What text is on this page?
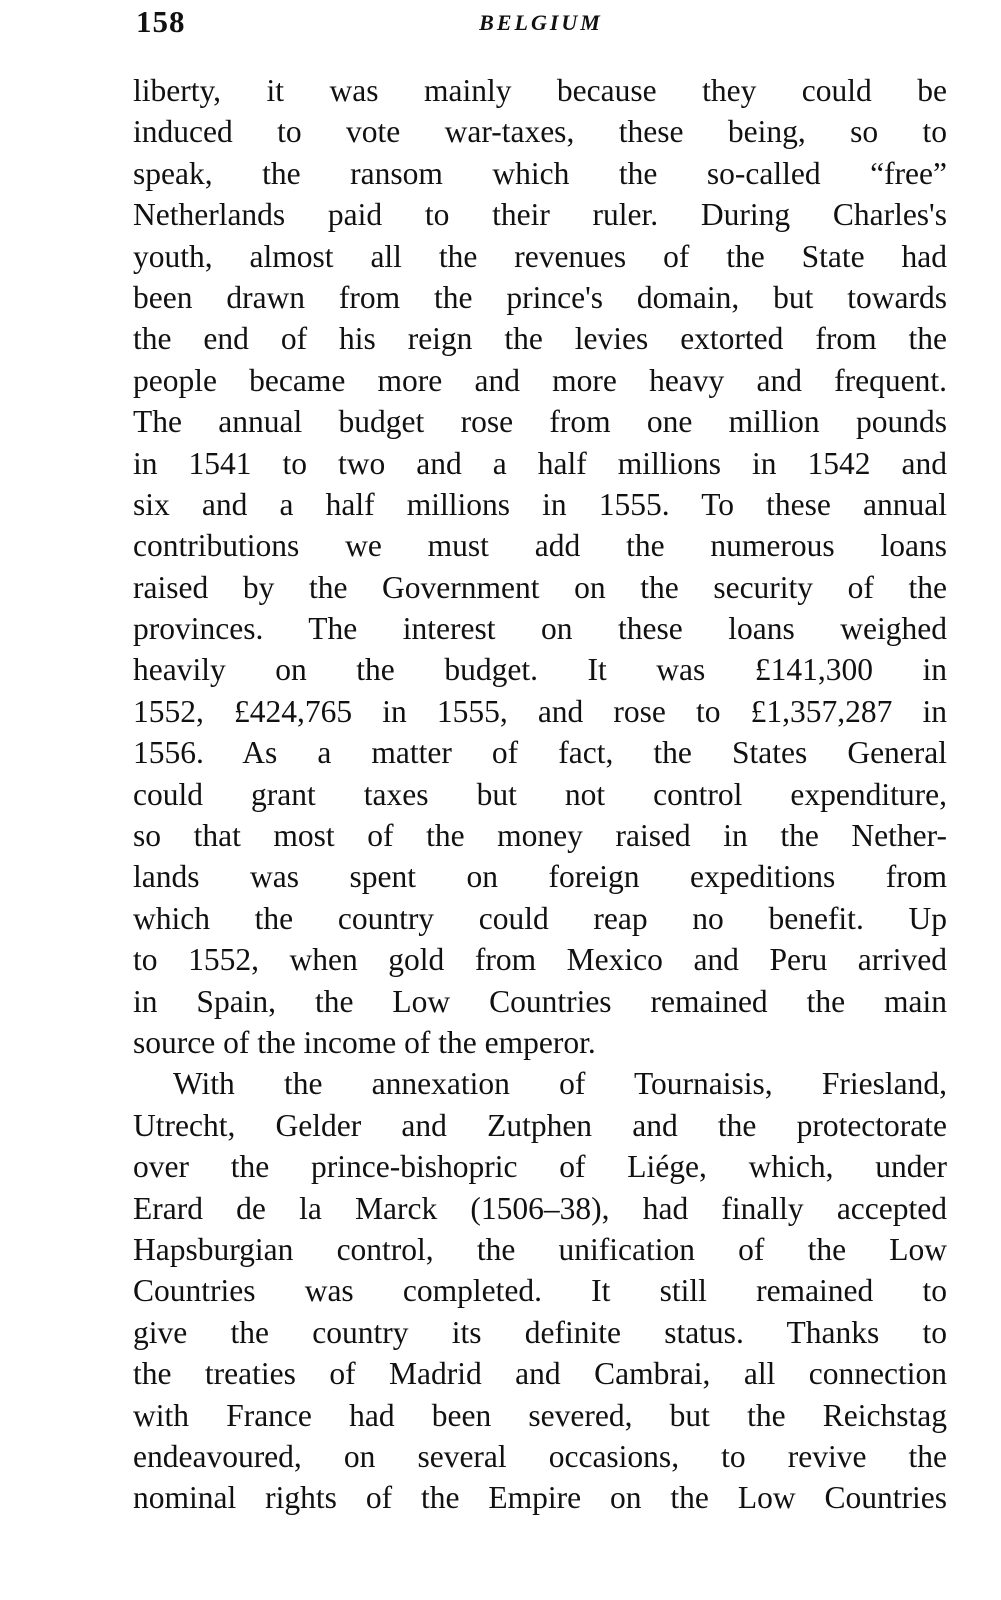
158	BELGIUM
liberty, it was mainly because they could be
induced to vote war-taxes, these being, so to
speak, the ransom which the so-called “free”
Netherlands paid to their ruler. During Charles's
youth, almost all the revenues of the State had
been drawn from the prince's domain, but towards
the end of his reign the levies extorted from the
people became more and more heavy and frequent.
The annual budget rose from one million pounds
in 1541 to two and a half millions in 1542 and
six and a half millions in 1555. To these annual
contributions we must add the numerous loans
raised by the Government on the security of the
provinces. The interest on these loans weighed
heavily on the budget. It was £141,300 in
1552, £424,765 in 1555, and rose to £1,357,287 in
1556. As a matter of fact, the States General
could grant taxes but not control expenditure,
so that most of the money raised in the Nether-
lands was spent on foreign expeditions from
which the country could reap no benefit. Up
to 1552, when gold from Mexico and Peru arrived
in Spain, the Low Countries remained the main
source of the income of the emperor.
With the annexation of Tournaisis, Friesland,
Utrecht, Gelder and Zutphen and the protectorate
over the prince-bishopric of Liége, which, under
Erard de la Marck (1506–38), had finally accepted
Hapsburgian control, the unification of the Low
Countries was completed. It still remained to
give the country its definite status. Thanks to
the treaties of Madrid and Cambrai, all connection
with France had been severed, but the Reichstag
endeavoured, on several occasions, to revive the
nominal rights of the Empire on the Low Countries
